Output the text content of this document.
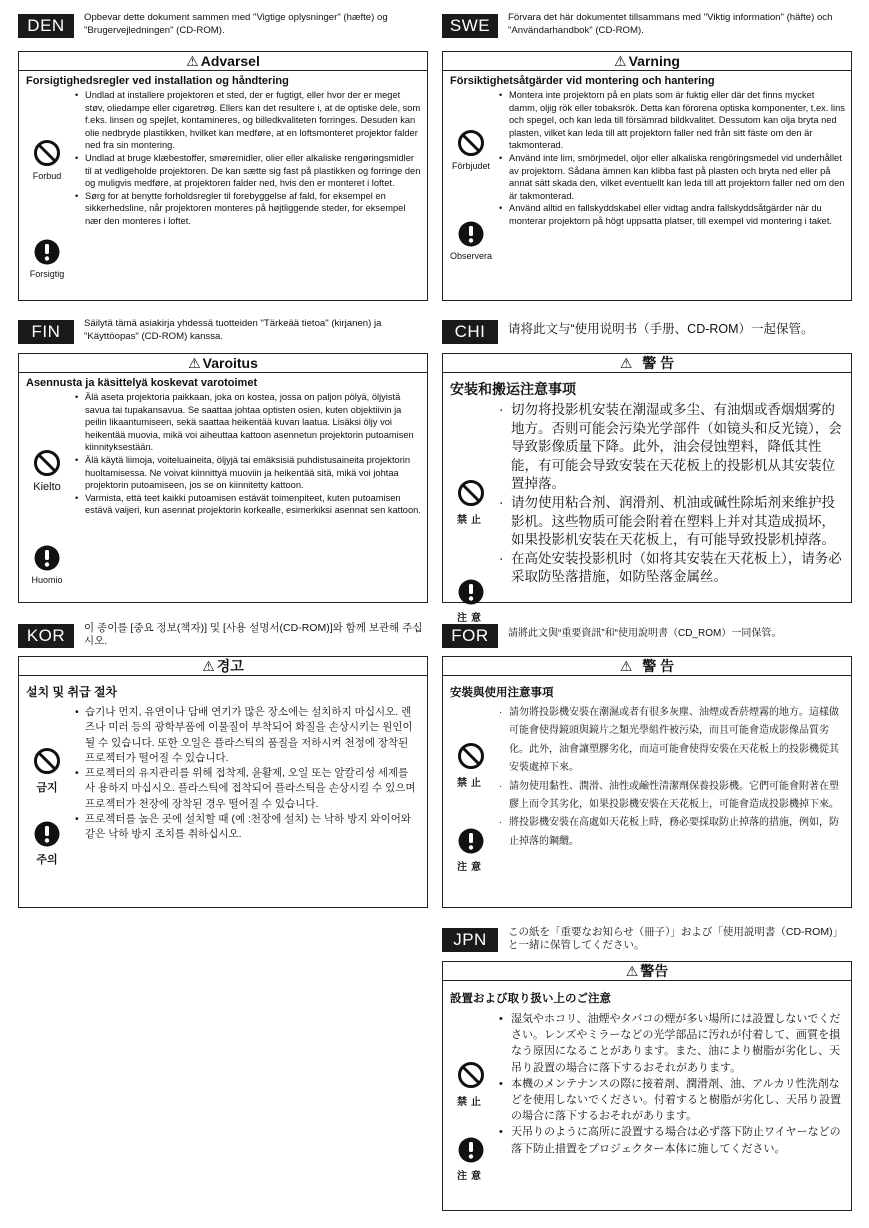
DEN	Opbevar dette dokument sammen med "Vigtige oplysninger" (hæfte) og "Brugervejledningen" (CD-ROM).
⚠ Advarsel
Forsigtighedsregler ved installation og håndtering
Forbud
Forsigtig
• Undlad at installere projektoren et sted, der er fugtigt, eller hvor der er meget støv, oliedampe eller cigaretrøg. Ellers kan det resultere i, at de optiske dele, som f.eks. linsen og spejlet, kontamineres, og billedkvaliteten forringes. Desuden kan olie nedbryde plastikken, hvilket kan medføre, at en loftsmonteret projektor falder ned fra sin montering.
• Undlad at bruge klæbestoffer, smøremidler, olier eller alkaliske rengøringsmidler til at vedligeholde projektoren. De kan sætte sig fast på plastikken og forringe den og muligvis medføre, at projektoren falder ned, hvis den er monteret i loftet.
• Sørg for at benytte forholdsregler til forebyggelse af fald, for eksempel en sikkerhedsline, når projektoren monteres på højtliggende steder, for eksempel nær den monteres i loftet.
SWE	Förvara det här dokumentet tillsammans med "Viktig information" (häfte) och "Användarhandbok" (CD-ROM).
⚠ Varning
Försiktighetsåtgärder vid montering och hantering
Förbjudet
Observera
• Montera inte projektorn på en plats som är fuktig eller där det finns mycket damm, oljig rök eller tobaksrök. Detta kan förorena optiska komponenter, t.ex. lins och spegel, och kan leda till försämrad bildkvalitet. Dessutom kan olja bryta ned plasten, vilket kan leda till att projektorn faller ned från sitt fäste om den är takmonterad.
• Använd inte lim, smörjmedel, oljor eller alkaliska rengöringsmedel vid underhållet av projektorn. Sådana ämnen kan klibba fast på plasten och bryta ned eller på annat sätt skada den, vilket eventuellt kan leda till att projektorn faller ned om den är takmonterad.
• Använd alltid en fallskyddskabel eller vidtag andra fallskyddsåtgärder när du monterar projektorn på högt uppsatta platser, till exempel vid montering i taket.
FIN	Säilytä tämä asiakirja yhdessä tuotteiden "Tärkeää tietoa" (kirjanen) ja "Käyttöopas" (CD-ROM) kanssa.
⚠ Varoitus
Asennusta ja käsittelyä koskevat varotoimet
Kielto
Huomio
• Älä aseta projektoria paikkaan, joka on kostea, jossa on paljon pölyä, öljyistä savua tai tupakansavua. Se saattaa johtaa optisten osien, kuten objektiivin ja peilin likaantumiseen, sekä saattaa heikentää kuvan laatua. Lisäksi öljy voi heikentää muovia, mikä voi aiheuttaa kattoon asennetun projektorin putoamisen kiinnityksestään.
• Älä käytä liimoja, voiteluaineita, öljyjä tai emäksisiä puhdistusaineita projektorin huoltamisessa. Ne voivat kiinnittyä muoviin ja heikentää sitä, mikä voi johtaa projektorin putoamiseen, jos se on kiinnitetty kattoon.
• Varmista, että teet kaikki putoamisen estävät toimenpiteet, kuten putoamisen estävä vaijeri, kun asennat projektorin korkealle, esimerkiksi asennat sen kattoon.
CHI	请将此文与“使用说明书（手册、CD-ROM）一起保管。
⚠ 警 告
安装和搬运注意事项
禁止
注意
· 切勿将投影机安装在潮湿或多尘、有油烟或香烟烟雾的地方。否则可能会污染光学部件（如镜头和反光镜），会导致影像质量下降。此外，油会侵蚀塑料，降低其性能，有可能会导致安装在天花板上的投影机从其安装位置掉落。
· 请勿使用粘合剂、润滑剂、机油或碱性除垢剂来维护投影机。这些物质可能会附着在塑料上并对其造成损坏，如果投影机安装在天花板上，有可能导致投影机掉落。
· 在高处安装投影机时（如将其安装在天花板上），请务必采取防坠落措施，如防坠落金属丝。
KOR	이 종이를 [중요 정보(책자)] 및 [사용 설명서(CD-ROM)]와 함께 보관해 주십시오.
⚠ 경고
설치 및 취급 절차
금지
주의
• 습기나 먼지, 유연이나 담배 연기가 많은 장소에는 설치하지 마십시오. 렌즈나 미러 등의 광학부품에 이물질이 부착되어 화질을 손상시키는 원인이 될 수 있습니다. 또한 오일은 플라스틱의 품질을 저하시켜 천정에 장착된 프로젝터가 떨어질 수 있습니다.
• 프로젝터의 유지관리를 위해 접착제, 윤활제, 오일 또는 알칼리성 세제를 사 용하지 마십시오. 플라스틱에 접착되어 플라스틱을 손상시킬 수 있으며 프로젝터가 천장에 장착된 경우 떨어질 수 있습니다.
• 프로젝터를 높은 곳에 설치할 때 (예 :천장에 설치) 는 낙하 방지 와이어와 같은 낙하 방지 조치를 취하십시오.
FOR	請將此文與“重要資訊”和“使用說明書（CD_ROM）一同保管。
⚠ 警 告
安裝與使用注意事項
禁止
注意
· 請勿將投影機安裝在潮濕或者有很多灰塵、油煙或香菸煙霧的地方。這樣做可能會使得鏡頭與鏡片之類光學組件被污染，而且可能會造成影像品質劣化。此外，油會讓塑膠劣化，而這可能會使得安裝在天花板上的投影機從其安裝處掉下來。
· 請勿使用黏性、潤滑、油性或鹼性清潔劑保養投影機。它們可能會附著在塑膠上而令其劣化，如果投影機安裝在天花板上，可能會造成投影機掉下來。
· 將投影機安裝在高處如天花板上時，務必要採取防止掉落的措施，例如，防止掉落的鋼纜。
JPN	この紙を「重要なお知らせ（冊子）」および「使用説明書（CD-ROM)」と一緒に保管してください。
⚠ 警告
設置および取り扱い上のご注意
禁止
注意
• 湿気やホコリ、油煙やタバコの煙が多い場所には設置しないでください。レンズやミラーなどの光学部品に汚れが付着して、画質を損なう原因になることがあります。また、油により樹脂が劣化し、天吊り設置の場合に落下するおそれがあります。
• 本機のメンテナンスの際に接着剤、潤滑剤、油、アルカリ性洗剤などを使用しないでください。付着すると樹脂が劣化し、天吊り設置の場合に落下するおそれがあります。
• 天吊りのように高所に設置する場合は必ず落下防止ワイヤーなどの落下防止措置をプロジェクター本体に施してください。
